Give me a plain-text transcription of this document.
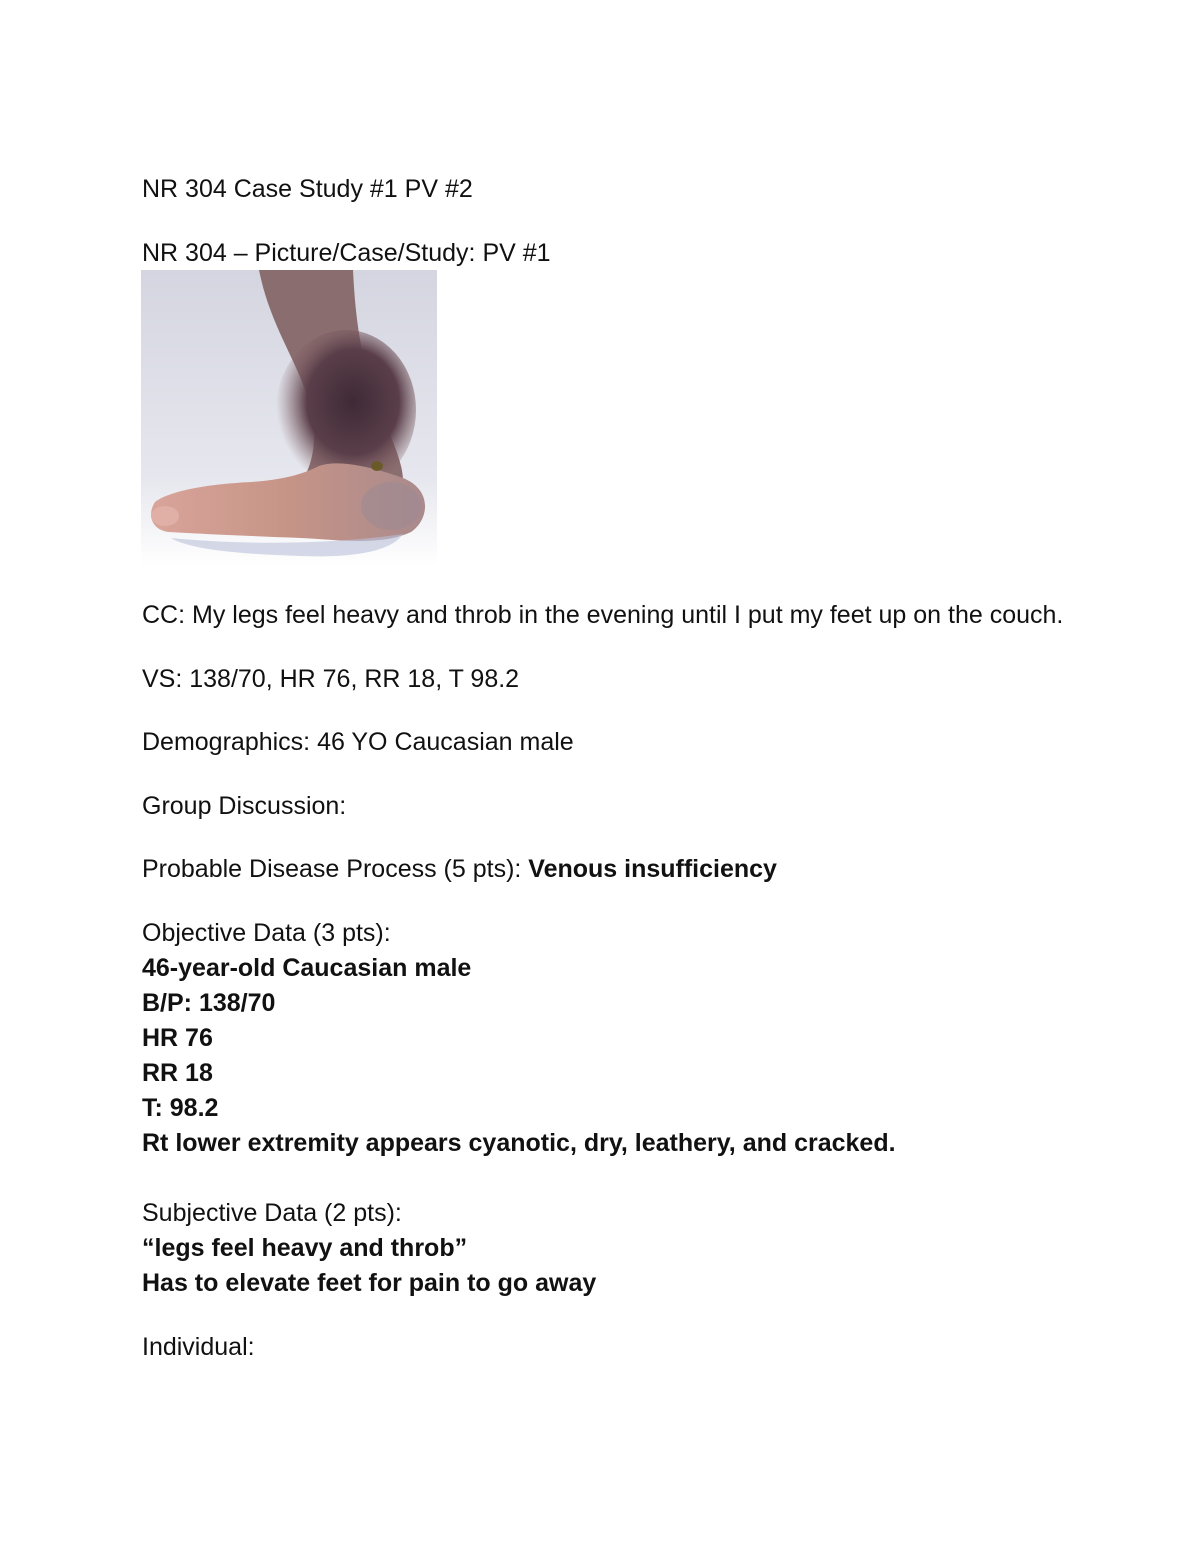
NR 304 Case Study #1 PV #2
NR 304 – Picture/Case/Study: PV #1
CC: My legs feel heavy and throb in the evening until I put my feet up on the couch.
VS: 138/70, HR 76, RR 18, T 98.2
Demographics: 46 YO Caucasian male
Group Discussion:
Probable Disease Process (5 pts): Venous insufficiency
Objective Data (3 pts):
46-year-old Caucasian male
B/P: 138/70
HR 76
RR 18
T: 98.2
Rt lower extremity appears cyanotic, dry, leathery, and cracked.
Subjective Data (2 pts):
“legs feel heavy and throb”
Has to elevate feet for pain to go away
Individual:
